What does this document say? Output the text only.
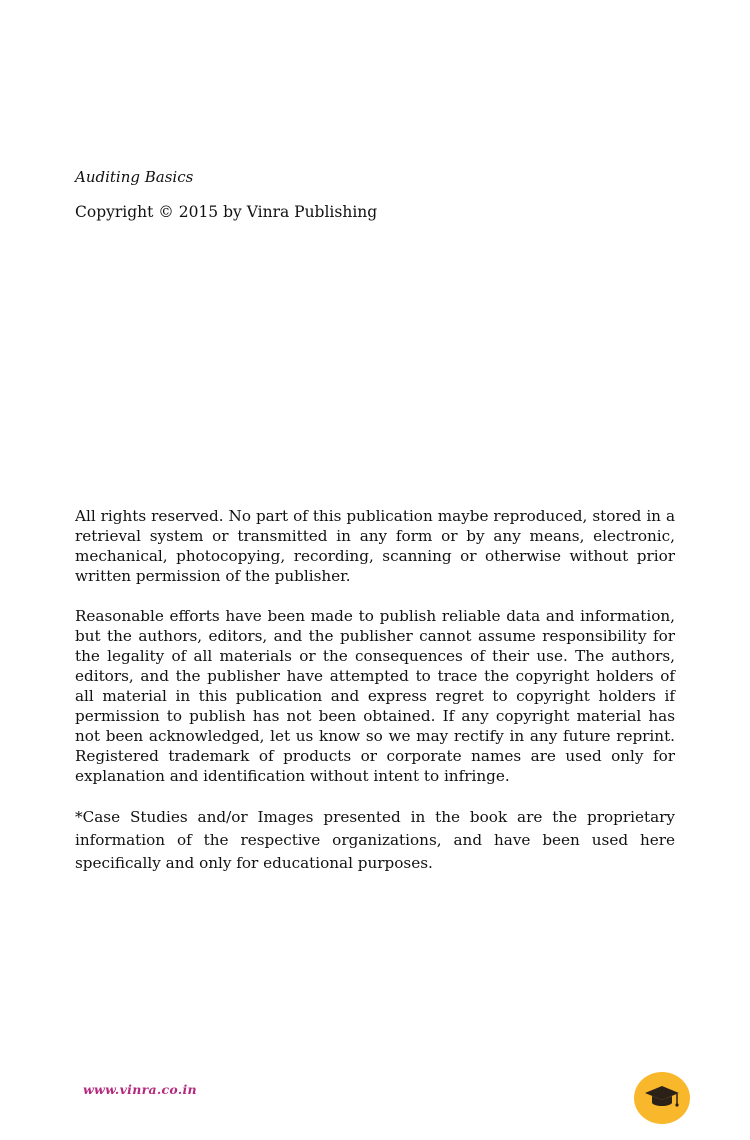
Auditing Basics

Copyright © 2015 by Vinra Publishing

All rights reserved. No part of this publication maybe reproduced, stored in a retrieval system or transmitted in any form or by any means, electronic, mechanical, photocopying, recording, scanning or otherwise without prior written permission of the publisher.

Reasonable efforts have been made to publish reliable data and information, but the authors, editors, and the publisher cannot assume responsibility for the legality of all materials or the consequences of their use. The authors, editors, and the publisher have attempted to trace the copyright holders of all material in this publication and express regret to copyright holders if permission to publish has not been obtained. If any copyright material has not been acknowledged, let us know so we may rectify in any future reprint. Registered trademark of products or corporate names are used only for explanation and identification without intent to infringe.

*Case Studies and/or Images presented in the book are the proprietary information of the respective organizations, and have been used here specifically and only for educational purposes.

www.vinra.co.in
